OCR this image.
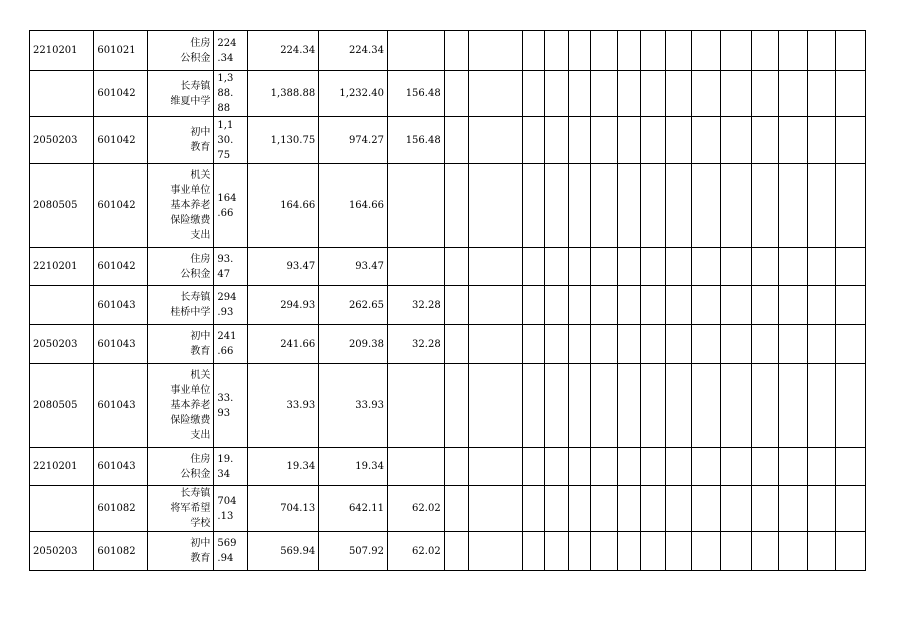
2210201	601021	住房
公积金	224
.34	224.34	224.34																

	601042	长寿镇
维夏中学	1,3
88.
88	1,388.88	1,232.40	156.48															

2050203	601042	初中
教育	1,1
30.
75	1,130.75	974.27	156.48															

2080505	601042	机关
事业单位
基本养老
保险缴费
支出	164
.66	164.66	164.66																

2210201	601042	住房
公积金	93.
47	93.47	93.47																

	601043	长寿镇
桂桥中学	294
.93	294.93	262.65	32.28															

2050203	601043	初中
教育	241
.66	241.66	209.38	32.28															

2080505	601043	机关
事业单位
基本养老
保险缴费
支出	33.
93	33.93	33.93																

2210201	601043	住房
公积金	19.
34	19.34	19.34																

	601082	长寿镇
将军希望
学校	704
.13	704.13	642.11	62.02															

2050203	601082	初中
教育	569
.94	569.94	507.92	62.02															
